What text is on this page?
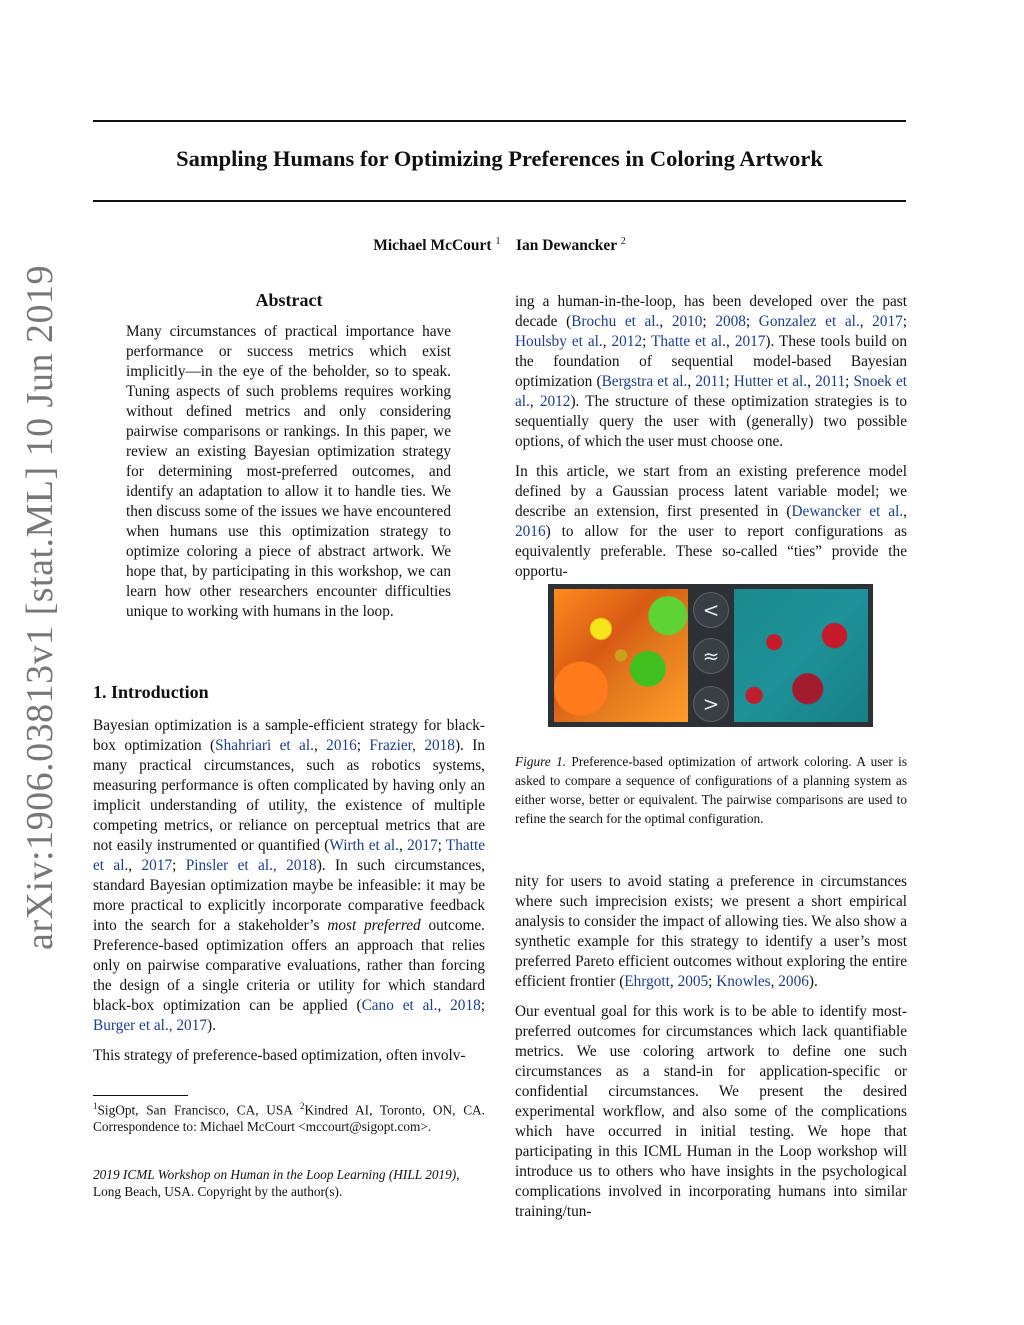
Sampling Humans for Optimizing Preferences in Coloring Artwork
Michael McCourt $^1$ Ian Dewancker $^2$
arXiv:1906.03813v1 [stat.ML] 10 Jun 2019	Abstract
Many circumstances of practical importance have performance or success metrics which exist implicitly—in the eye of the beholder, so to speak. Tuning aspects of such problems requires working without defined metrics and only considering pairwise comparisons or rankings. In this paper, we review an existing Bayesian optimization strategy for determining most-preferred outcomes, and identify an adaptation to allow it to handle ties. We then discuss some of the issues we have encountered when humans use this optimization strategy to optimize coloring a piece of abstract artwork. We hope that, by participating in this workshop, we can learn how other researchers encounter difficulties unique to working with humans in the loop.
1. Introduction

Bayesian optimization is a sample-efficient strategy for black-box optimization (Shahriari et al., 2016; Frazier, 2018). In many practical circumstances, such as robotics systems, measuring performance is often complicated by having only an implicit understanding of utility, the existence of multiple competing metrics, or reliance on perceptual metrics that are not easily instrumented or quantified (Wirth et al., 2017; Thatte et al., 2017; Pinsler et al., 2018). In such circumstances, standard Bayesian optimization maybe be infeasible: it may be more practical to explicitly incorporate comparative feedback into the search for a stakeholder’s most preferred outcome. Preference-based optimization offers an approach that relies only on pairwise comparative evaluations, rather than forcing the design of a single criteria or utility for which standard black-box optimization can be applied (Cano et al., 2018; Burger et al., 2017).

This strategy of preference-based optimization, often involv-

$^1$SigOpt, San Francisco, CA, USA $^2$Kindred AI, Toronto, ON, CA. Correspondence to: Michael McCourt <mccourt@sigopt.com>.
2019 ICML Workshop on Human in the Loop Learning (HILL 2019), Long Beach, USA. Copyright by the author(s).

ing a human-in-the-loop, has been developed over the past decade (Brochu et al., 2010; 2008; Gonzalez et al., 2017; Houlsby et al., 2012; Thatte et al., 2017). These tools build on the foundation of sequential model-based Bayesian optimization (Bergstra et al., 2011; Hutter et al., 2011; Snoek et al., 2012). The structure of these optimization strategies is to sequentially query the user with (generally) two possible options, of which the user must choose one.

In this article, we start from an existing preference model defined by a Gaussian process latent variable model; we describe an extension, first presented in (Dewancker et al., 2016) to allow for the user to report configurations as equivalently preferable. These so-called “ties” provide the opportu-

<
≈
>
Figure 1. Preference-based optimization of artwork coloring. A user is asked to compare a sequence of configurations of a planning system as either worse, better or equivalent. The pairwise comparisons are used to refine the search for the optimal configuration.

nity for users to avoid stating a preference in circumstances where such imprecision exists; we present a short empirical analysis to consider the impact of allowing ties. We also show a synthetic example for this strategy to identify a user’s most preferred Pareto efficient outcomes without exploring the entire efficient frontier (Ehrgott, 2005; Knowles, 2006).

Our eventual goal for this work is to be able to identify most-preferred outcomes for circumstances which lack quantifiable metrics. We use coloring artwork to define one such circumstances as a stand-in for application-specific or confidential circumstances. We present the desired experimental workflow, and also some of the complications which have occurred in initial testing. We hope that participating in this ICML Human in the Loop workshop will introduce us to others who have insights in the psychological complications involved in incorporating humans into similar training/tun-
